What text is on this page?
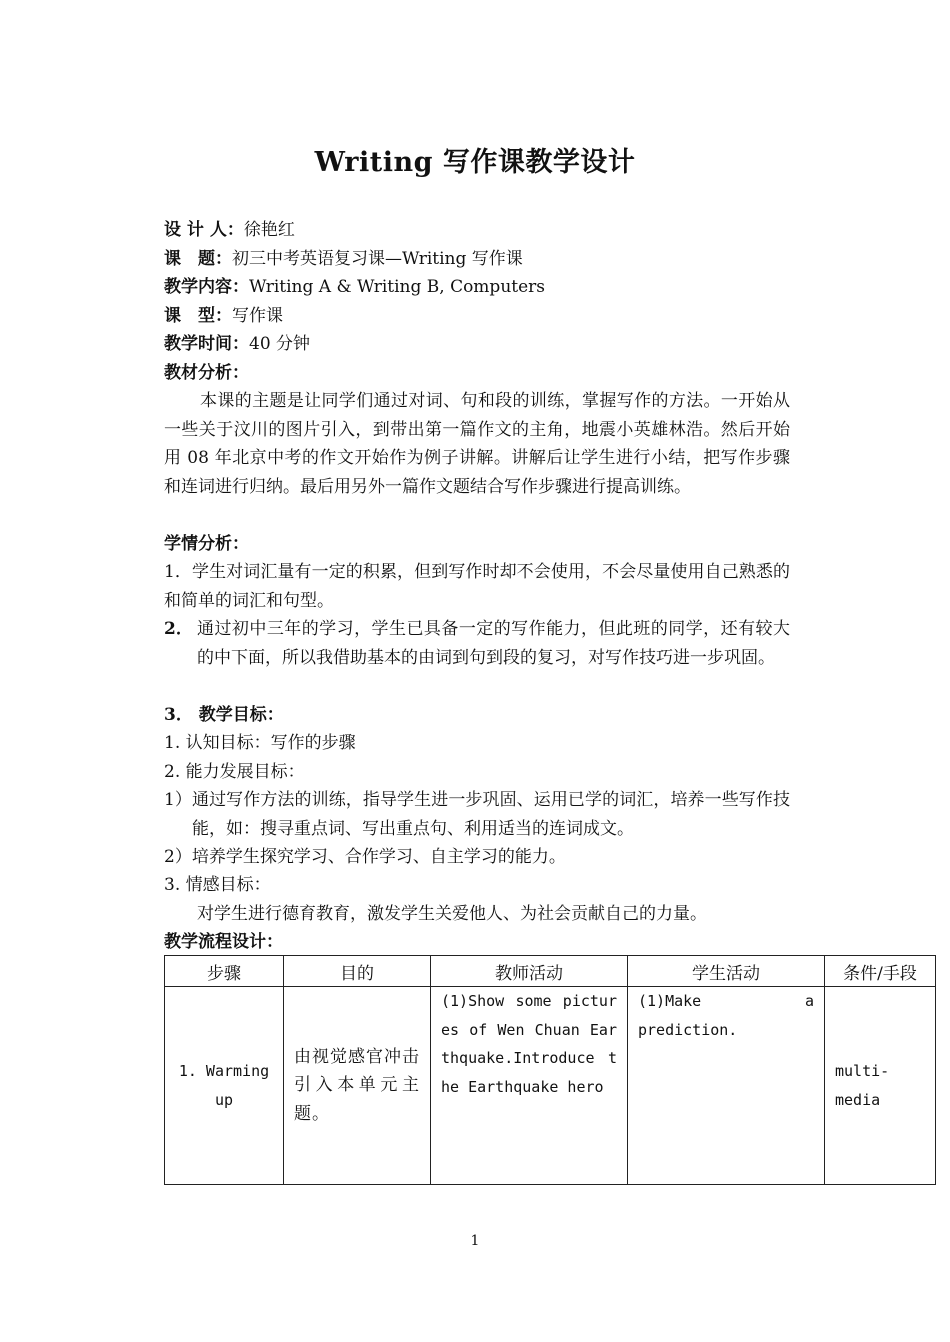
Writing 写作课教学设计
设 计 人：徐艳红
课　题：初三中考英语复习课—Writing 写作课
教学内容：Writing A & Writing B, Computers
课　型：写作课
教学时间：40 分钟
教材分析：
本课的主题是让同学们通过对词、句和段的训练，掌握写作的方法。一开始从一些关于汶川的图片引入，到带出第一篇作文的主角，地震小英雄林浩。然后开始用 08 年北京中考的作文开始作为例子讲解。讲解后让学生进行小结，把写作步骤和连词进行归纳。最后用另外一篇作文题结合写作步骤进行提高训练。
学情分析：
1．学生对词汇量有一定的积累，但到写作时却不会使用，不会尽量使用自己熟悉的和简单的词汇和句型。
2． 通过初中三年的学习，学生已具备一定的写作能力，但此班的同学，还有较大的中下面，所以我借助基本的由词到句到段的复习，对写作技巧进一步巩固。
3． 教学目标：
1. 认知目标：写作的步骤
2. 能力发展目标：
1）通过写作方法的训练，指导学生进一步巩固、运用已学的词汇，培养一些写作技能，如：搜寻重点词、写出重点句、利用适当的连词成文。
2）培养学生探究学习、合作学习、自主学习的能力。
3. 情感目标：
对学生进行德育教育，激发学生关爱他人、为社会贡献自己的力量。
教学流程设计：
步骤	目的	教师活动	学生活动	条件/手段
1. Warming up	由视觉感官冲击引入本单元主题。	(1)Show some pictures of Wen Chuan Earthquake.Introduce the Earthquake hero	(1)Make a prediction.	multi-media
1
